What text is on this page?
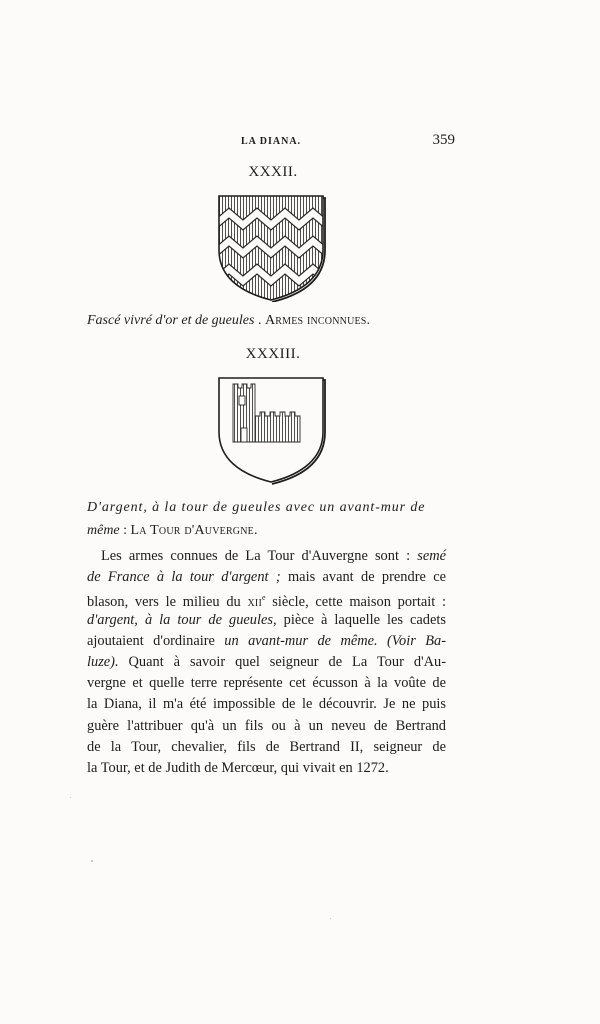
LA DIANA.	359
XXXII.
Fascé vivré d'or et de gueules . Armes inconnues.
XXXIII.
D'argent, à la tour de gueules avec un avant-mur de
même : La Tour d'Auvergne.
Les armes connues de La Tour d'Auvergne sont : semé
de France à la tour d'argent ; mais avant de prendre ce
blason, vers le milieu du xii$^e$ siècle, cette maison portait :
d'argent, à la tour de gueules, pièce à laquelle les cadets
ajoutaient d'ordinaire un avant-mur de même. (Voir Ba-
luze). Quant à savoir quel seigneur de La Tour d'Au-
vergne et quelle terre représente cet écusson à la voûte de
la Diana, il m'a été impossible de le découvrir. Je ne puis
guère l'attribuer qu'à un fils ou à un neveu de Bertrand
de la Tour, chevalier, fils de Bertrand II, seigneur de
la Tour, et de Judith de Mercœur, qui vivait en 1272.
